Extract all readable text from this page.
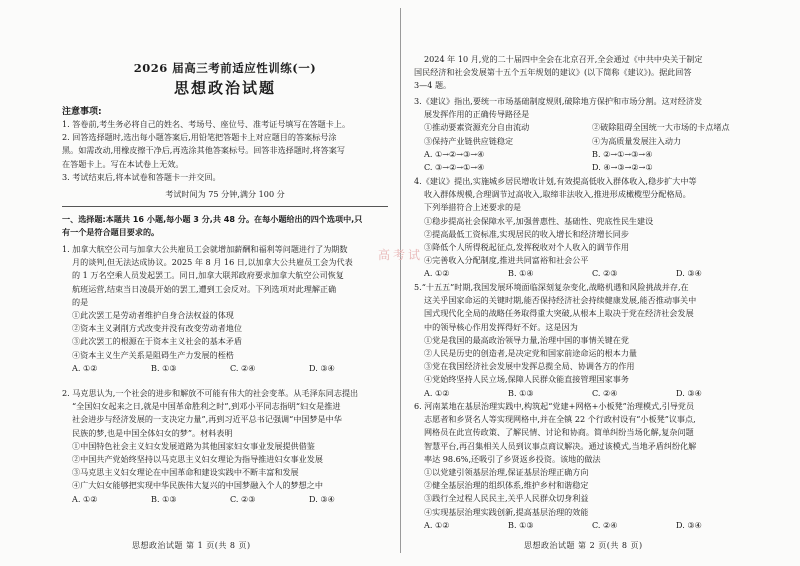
2026 届高三考前适应性训练(一)
思想政治试题
注意事项:
1. 答卷前,考生务必将自己的姓名、考场号、座位号、准考证号填写在答题卡上。
2. 回答选择题时,选出每小题答案后,用铅笔把答题卡上对应题目的答案标号涂
黑。如需改动,用橡皮擦干净后,再选涂其他答案标号。回答非选择题时,将答案写
在答题卡上。写在本试卷上无效。
3. 考试结束后,将本试卷和答题卡一并交回。
考试时间为 75 分钟,满分 100 分
一、选择题:本题共 16 小题,每小题 3 分,共 48 分。在每小题给出的四个选项中,只
有一个是符合题目要求的。
1. 加拿大航空公司与加拿大公共雇员工会就增加薪酬和福利等问题进行了为期数
月的谈判,但无法达成协议。2025 年 8 月 16 日,以加拿大公共雇员工会为代表
的 1 万名空乘人员发起罢工。同日,加拿大联邦政府要求加拿大航空公司恢复
航班运营,结束当日凌晨开始的罢工,遭到工会反对。下列选项对此理解正确
的是
①此次罢工是劳动者维护自身合法权益的体现
②资本主义剥削方式改变并没有改变劳动者地位
③此次罢工的根源在于资本主义社会的基本矛盾
④资本主义生产关系是阻碍生产力发展的桎梏
A. ①②	B. ①③	C. ②④	D. ③④
2. 马克思认为,一个社会的进步和解放不可能有伟大的社会变革。从毛泽东同志提出
“全国妇女起来之日,就是中国革命胜利之时”,到邓小平同志指明“妇女是推进
社会进步与经济发展的一支决定力量”,再到习近平总书记强调“中国梦是中华
民族的梦,也是中国全体妇女的梦”。材料表明
①中国特色社会主义妇女发展道路为其他国家妇女事业发展提供借鉴
②中国共产党始终坚持以马克思主义妇女理论为指导推进妇女事业发展
③马克思主义妇女理论在中国革命和建设实践中不断丰富和发展
④广大妇女能够把实现中华民族伟大复兴的中国梦融入个人的梦想之中
A. ①②	B. ①③	C. ②③	D. ③④
思想政治试题 第 1 页(共 8 页)
高考试
2024 年 10 月,党的二十届四中全会在北京召开,全会通过《中共中央关于制定
国民经济和社会发展第十五个五年规划的建议》(以下简称《建议》)。据此回答
3—4 题。
3.《建议》指出,要统一市场基础制度规则,破除地方保护和市场分割。这对经济发
展发挥作用的正确传导路径是
①推动要素资源充分自由流动	②破除阻碍全国统一大市场的卡点堵点
③保持产业链供应链稳定	④为高质量发展注入动力
A. ①→②→③→④	B. ②→①→③→④
C. ③→②→①→④	D. ④→③→②→①
4.《建议》提出,实施城乡居民增收计划,有效提高低收入群体收入,稳步扩大中等
收入群体规模,合理调节过高收入,取缔非法收入,推进形成橄榄型分配格局。
下列举措符合上述要求的是
①稳步提高社会保障水平,加强普惠性、基础性、兜底性民生建设
②提高最低工资标准,实现居民的收入增长和经济增长同步
③降低个人所得税起征点,发挥税收对个人收入的调节作用
④完善收入分配制度,推进共同富裕和社会公平
A. ①②	B. ①④	C. ②③	D. ③④
5.“十五五”时期,我国发展环境面临深刻复杂变化,战略机遇和风险挑战并存,在
这关乎国家命运的关键时期,能否保持经济社会持续健康发展,能否推动事关中
国式现代化全局的战略任务取得重大突破,从根本上取决于党在经济社会发展
中的领导核心作用发挥得好不好。这是因为
①党是我国的最高政治领导力量,治理中国的事情关键在党
②人民是历史的创造者,是决定党和国家前途命运的根本力量
③党在我国经济社会发展中发挥总揽全局、协调各方的作用
④党始终坚持人民立场,保障人民群众能直接管理国家事务
A. ①②	B. ①③	C. ②④	D. ③④
6. 河南某地在基层治理实践中,构筑起“党建+网格+小板凳”治理模式,引导党员
志愿者和乡贤名人等实现网格中,并在全镇 22 个行政村设有“小板凳”议事点,
网格员在此宣传政策、了解民情、讨论和协商。简单纠纷当场化解,复杂问题
智慧平台,再召集相关人员到议事点商议解决。通过该模式,当地矛盾纠纷化解
率达 98.6%,还吸引了乡贤返乡投资。该地的做法
①以党建引领基层治理,保证基层治理正确方向
②健全基层治理的组织体系,维护乡村和谐稳定
③践行全过程人民民主,关乎人民群众切身利益
④实现基层治理实践创新,提高基层治理的效能
A. ①②	B. ①③	C. ②④	D. ③④
思想政治试题 第 2 页(共 8 页)
